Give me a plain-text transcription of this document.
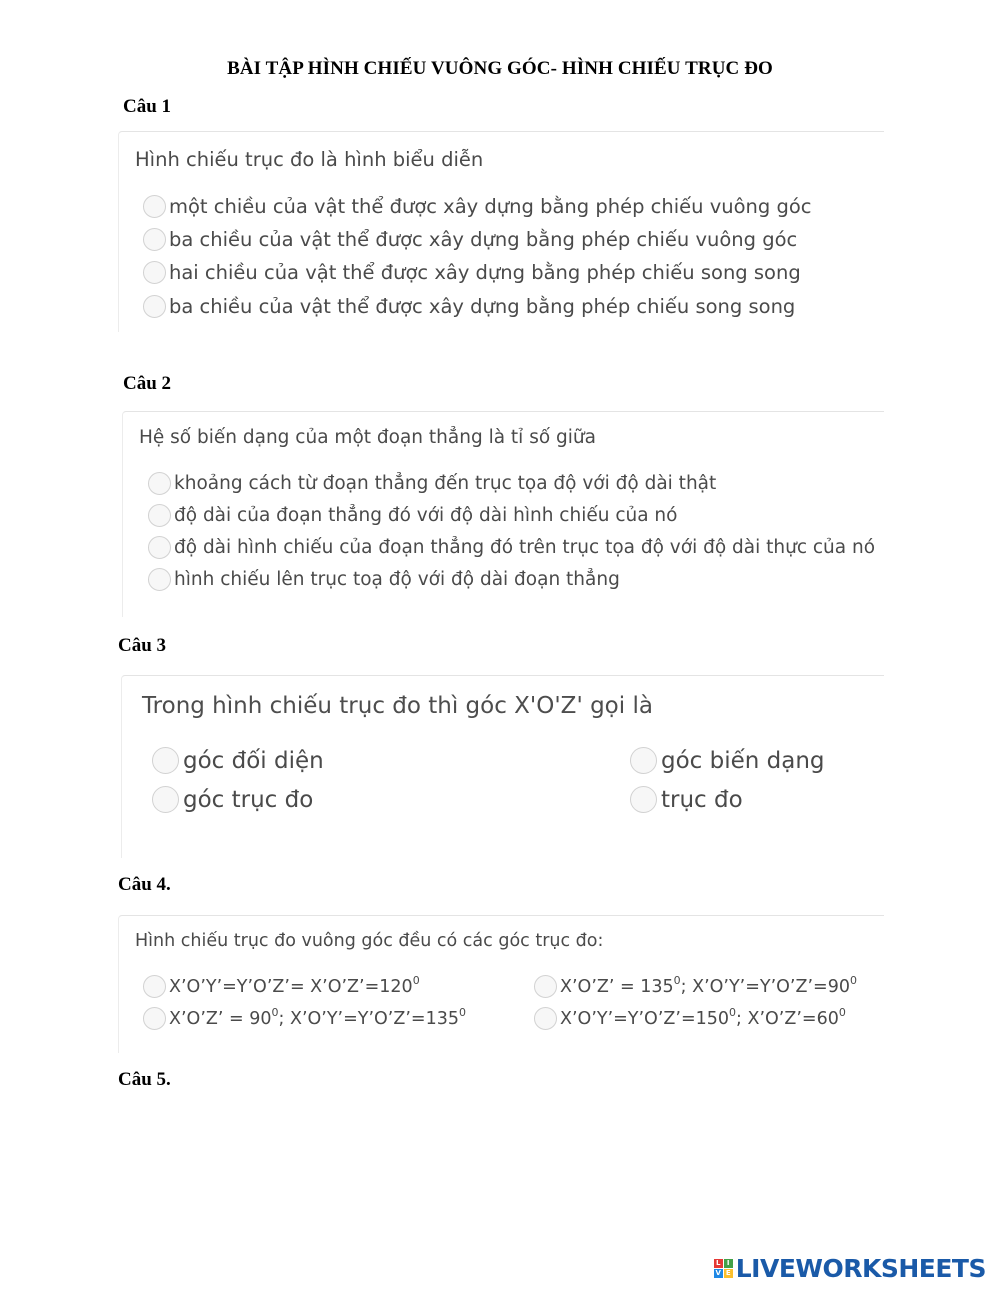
BÀI TẬP HÌNH CHIẾU VUÔNG GÓC- HÌNH CHIẾU TRỤC ĐO
Câu 1
Hình chiếu trục đo là hình biểu diễn
một chiều của vật thể được xây dựng bằng phép chiếu vuông góc
ba chiều của vật thể được xây dựng bằng phép chiếu vuông góc
hai chiều của vật thể được xây dựng bằng phép chiếu song song
ba chiều của vật thể được xây dựng bằng phép chiếu song song
Câu 2
Hệ số biến dạng của một đoạn thẳng là tỉ số giữa
khoảng cách từ đoạn thẳng đến trục tọa độ với độ dài thật
độ dài của đoạn thẳng đó với độ dài hình chiếu của nó
độ dài hình chiếu của đoạn thẳng đó trên trục tọa độ với độ dài thực của nó
hình chiếu lên trục toạ độ với độ dài đoạn thẳng
Câu 3
Trong hình chiếu trục đo thì góc X'O'Z' gọi là
góc đối diện	góc biến dạng
góc trục đo	trục đo
Câu 4.
Hình chiếu trục đo vuông góc đều có các góc trục đo:
X’O’Y’=Y’O’Z’= $X’O’Z’=120^0$	X’O’Z’ = $135^0$; $X’O’Y’=Y’O’Z’=90^0$
X’O’Z’ = $90^0$; $X’O’Y’=Y’O’Z’=135^0$	$X’O’Y’=Y’O’Z’=150^0$; $X’O’Z’=60^0$
Câu 5.
L I
V E LIVEWORKSHEETS
